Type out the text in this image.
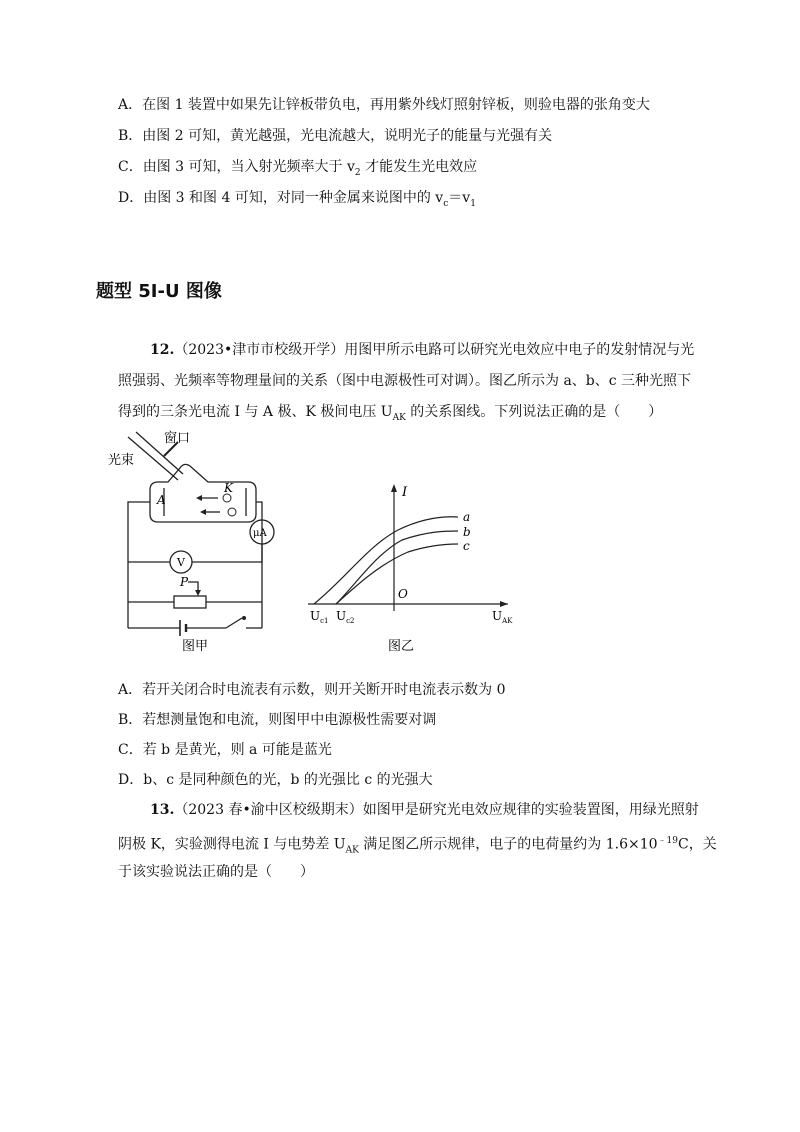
A．在图 1 装置中如果先让锌板带负电，再用紫外线灯照射锌板，则验电器的张角变大
B．由图 2 可知，黄光越强，光电流越大，说明光子的能量与光强有关
C．由图 3 可知，当入射光频率大于 $v_2$ 才能发生光电效应
D．由图 3 和图 4 可知，对同一种金属来说图中的 $v_c=v_1$
题型 5I-U 图像
12.（2023•津市市校级开学）用图甲所示电路可以研究光电效应中电子的发射情况与光
照强弱、光频率等物理量间的关系（图中电源极性可对调）。图乙所示为 a、b、c 三种光照下
得到的三条光电流 I 与 A 极、K 极间电压 $U_{AK}$ 的关系图线。下列说法正确的是（　　）
窗口
光束
A
K
μA
V
P
图甲
I
O
a
b
c
$U_{c1}$ $U_{c2}$	$U_{AK}$
图乙
A．若开关闭合时电流表有示数，则开关断开时电流表示数为 0
B．若想测量饱和电流，则图甲中电源极性需要对调
C．若 b 是黄光，则 a 可能是蓝光
D．b、c 是同种颜色的光，b 的光强比 c 的光强大
13.（2023 春•渝中区校级期末）如图甲是研究光电效应规律的实验装置图，用绿光照射
阴极 K，实验测得电流 I 与电势差 $U_{AK}$ 满足图乙所示规律，电子的电荷量约为 $1.6\times 10^{﹣19}C$，关
于该实验说法正确的是（　　）
